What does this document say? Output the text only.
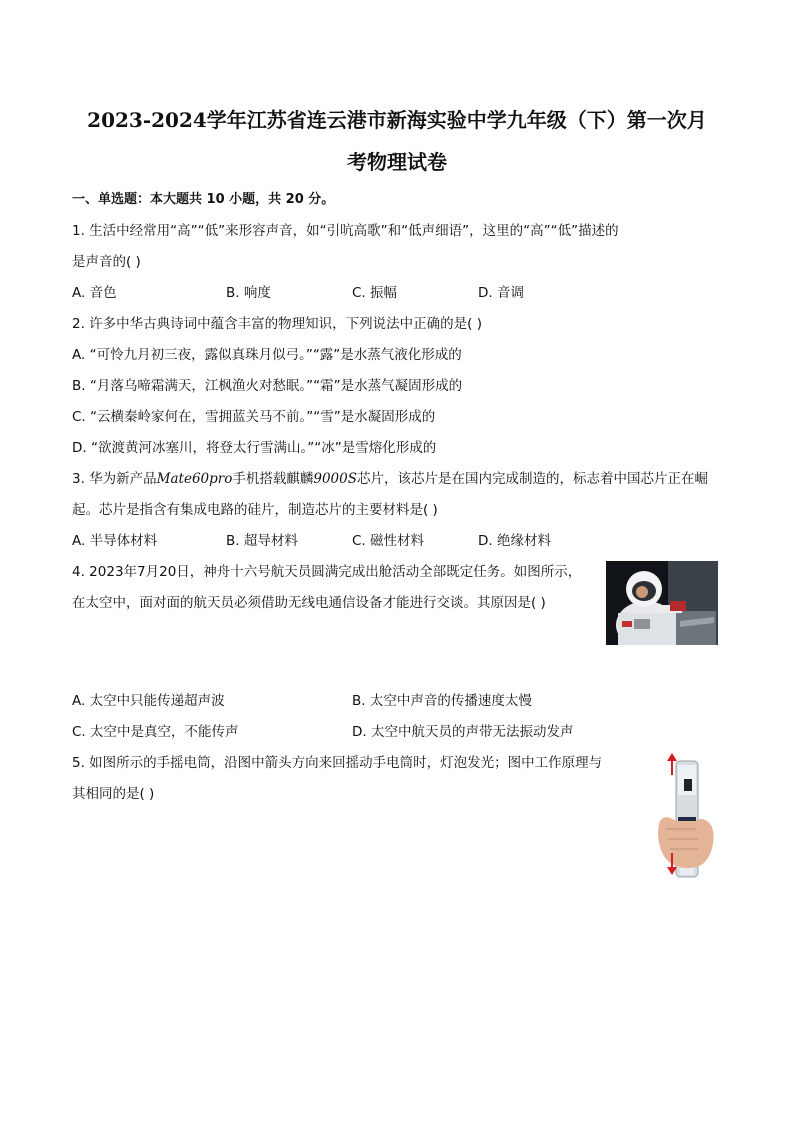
2023-2024学年江苏省连云港市新海实验中学九年级（下）第一次月
考物理试卷
一、单选题：本大题共 10 小题，共 20 分。
1. 生活中经常用“高”“低”来形容声音，如“引吭高歌”和“低声细语”，这里的“高”“低”描述的
是声音的( )
A. 音色	B. 响度	C. 振幅	D. 音调
2. 许多中华古典诗词中蕴含丰富的物理知识，下列说法中正确的是( )
A. “可怜九月初三夜，露似真珠月似弓。”“露”是水蒸气液化形成的
B. “月落乌啼霜满天，江枫渔火对愁眠。”“霜”是水蒸气凝固形成的
C. “云横秦岭家何在，雪拥蓝关马不前。”“雪”是水凝固形成的
D. “欲渡黄河冰塞川，将登太行雪满山。”“冰”是雪熔化形成的
3. 华为新产品Mate60pro手机搭载麒麟9000S芯片，该芯片是在国内完成制造的，标志着中国芯片正在崛
起。芯片是指含有集成电路的硅片，制造芯片的主要材料是( )
A. 半导体材料	B. 超导材料	C. 磁性材料	D. 绝缘材料
4. 2023年7月20日，神舟十六号航天员圆满完成出舱活动全部既定任务。如图所示，
在太空中，面对面的航天员必须借助无线电通信设备才能进行交谈。其原因是( )
A. 太空中只能传递超声波	B. 太空中声音的传播速度太慢
C. 太空中是真空，不能传声	D. 太空中航天员的声带无法振动发声
5. 如图所示的手摇电筒，沿图中箭头方向来回摇动手电筒时，灯泡发光；图中工作原理与
其相同的是( )
